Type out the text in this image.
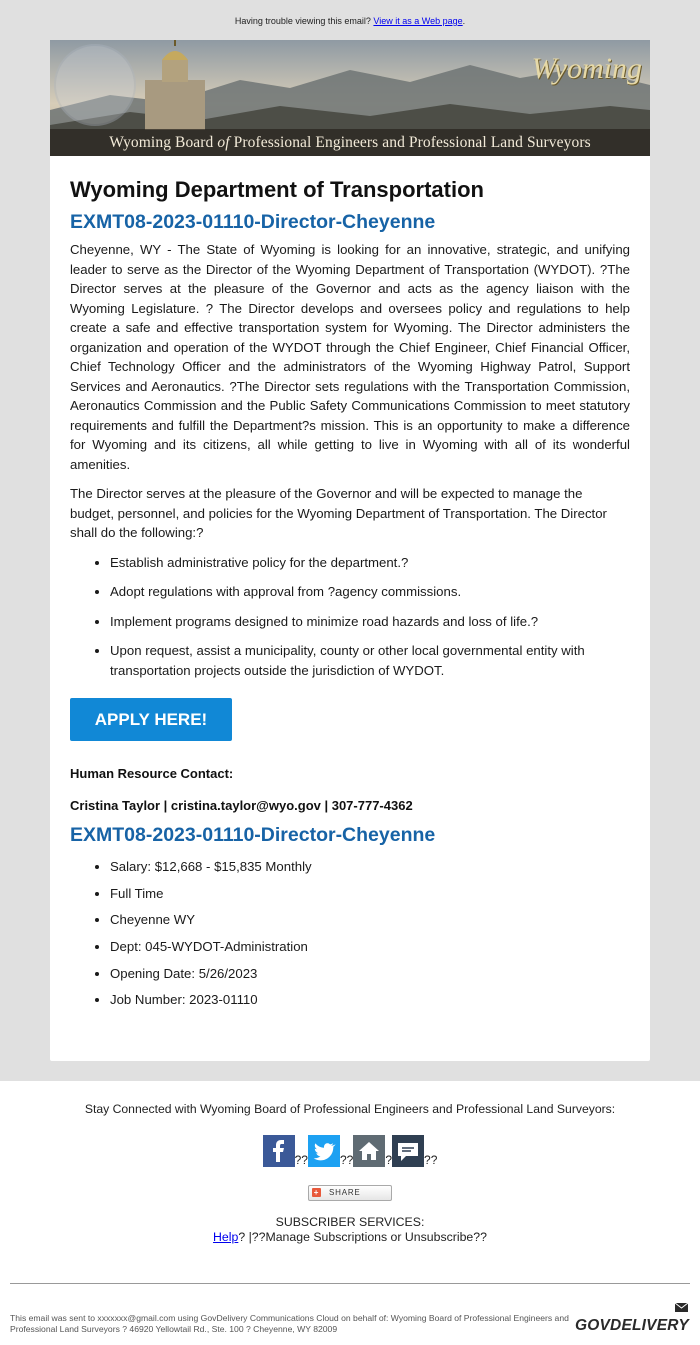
Having trouble viewing this email? View it as a Web page.
Wyoming
Wyoming Board of Professional Engineers and Professional Land Surveyors
Wyoming Department of Transportation
EXMT08-2023-01110-Director-Cheyenne

Cheyenne, WY - The State of Wyoming is looking for an innovative, strategic, and unifying leader to serve as the Director of the Wyoming Department of Transportation (WYDOT). ?The Director serves at the pleasure of the Governor and acts as the agency liaison with the Wyoming Legislature. ? The Director develops and oversees policy and regulations to help create a safe and effective transportation system for Wyoming. The Director administers the organization and operation of the WYDOT through the Chief Engineer, Chief Financial Officer, Chief Technology Officer and the administrators of the Wyoming Highway Patrol, Support Services and Aeronautics. ?The Director sets regulations with the Transportation Commission, Aeronautics Commission and the Public Safety Communications Commission to meet statutory requirements and fulfill the Department?s mission. This is an opportunity to make a difference for Wyoming and its citizens, all while getting to live in Wyoming with all of its wonderful amenities.

The Director serves at the pleasure of the Governor and will be expected to manage the budget, personnel, and policies for the Wyoming Department of Transportation. The Director shall do the following:?

• Establish administrative policy for the department.?
• Adopt regulations with approval from ?agency commissions.
• Implement programs designed to minimize road hazards and loss of life.?
• Upon request, assist a municipality, county or other local governmental entity with transportation projects outside the jurisdiction of WYDOT.
APPLY HERE!
Human Resource Contact:
Cristina Taylor | cristina.taylor@wyo.gov | 307-777-4362
EXMT08-2023-01110-Director-Cheyenne
• Salary: $12,668 - $15,835 Monthly
• Full Time
• Cheyenne WY
• Dept: 045-WYDOT-Administration
• Opening Date: 5/26/2023
• Job Number: 2023-01110
Stay Connected with Wyoming Board of Professional Engineers and Professional Land Surveyors:
??	??	?	??
+ SHARE
SUBSCRIBER SERVICES:
Help? |??Manage Subscriptions or Unsubscribe??
This email was sent to xxxxxxx@gmail.com using GovDelivery Communications Cloud on behalf of: Wyoming Board of Professional Engineers and Professional Land Surveyors ? 46920 Yellowtail Rd., Ste. 100 ? Cheyenne, WY 82009	GOVDELIVERY
